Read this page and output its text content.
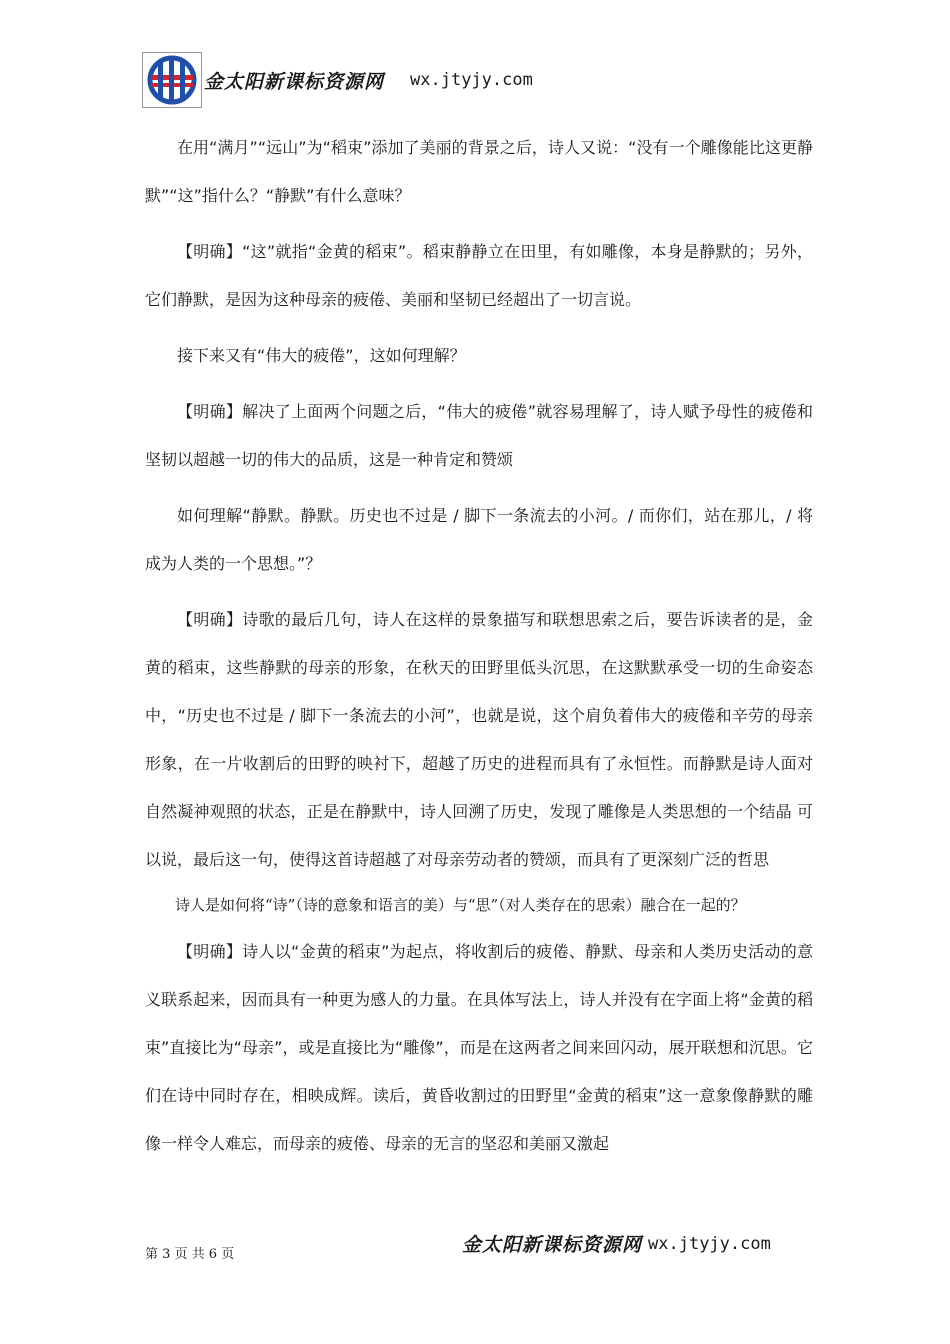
金太阳新课标资源网 wx.jtyjy.com

在用“满月”“远山”为“稻束”添加了美丽的背景之后，诗人又说：“没有一个雕像能比这更静默”“这”指什么？“静默”有什么意味？

【明确】“这”就指“金黄的稻束”。稻束静静立在田里，有如雕像，本身是静默的；另外，它们静默，是因为这种母亲的疲倦、美丽和坚韧已经超出了一切言说。

接下来又有“伟大的疲倦”，这如何理解？

【明确】解决了上面两个问题之后，“伟大的疲倦”就容易理解了，诗人赋予母性的疲倦和坚韧以超越一切的伟大的品质，这是一种肯定和赞颂

如何理解“静默。静默。历史也不过是 / 脚下一条流去的小河。/ 而你们，站在那儿，/ 将成为人类的一个思想。”？

【明确】诗歌的最后几句，诗人在这样的景象描写和联想思索之后，要告诉读者的是，金黄的稻束，这些静默的母亲的形象，在秋天的田野里低头沉思，在这默默承受一切的生命姿态中，“历史也不过是 / 脚下一条流去的小河”，也就是说，这个肩负着伟大的疲倦和辛劳的母亲形象，在一片收割后的田野的映衬下，超越了历史的进程而具有了永恒性。而静默是诗人面对自然凝神观照的状态，正是在静默中，诗人回溯了历史，发现了雕像是人类思想的一个结晶 可以说，最后这一句，使得这首诗超越了对母亲劳动者的赞颂，而具有了更深刻广泛的哲思

诗人是如何将“诗”（诗的意象和语言的美）与“思”（对人类存在的思索）融合在一起的？

【明确】诗人以“金黄的稻束”为起点，将收割后的疲倦、静默、母亲和人类历史活动的意义联系起来，因而具有一种更为感人的力量。在具体写法上，诗人并没有在字面上将“金黄的稻束”直接比为“母亲”，或是直接比为“雕像”，而是在这两者之间来回闪动，展开联想和沉思。它们在诗中同时存在，相映成辉。读后，黄昏收割过的田野里“金黄的稻束”这一意象像静默的雕像一样令人难忘，而母亲的疲倦、母亲的无言的坚忍和美丽又激起

第 3 页 共 6 页	金太阳新课标资源网 wx.jtyjy.com
